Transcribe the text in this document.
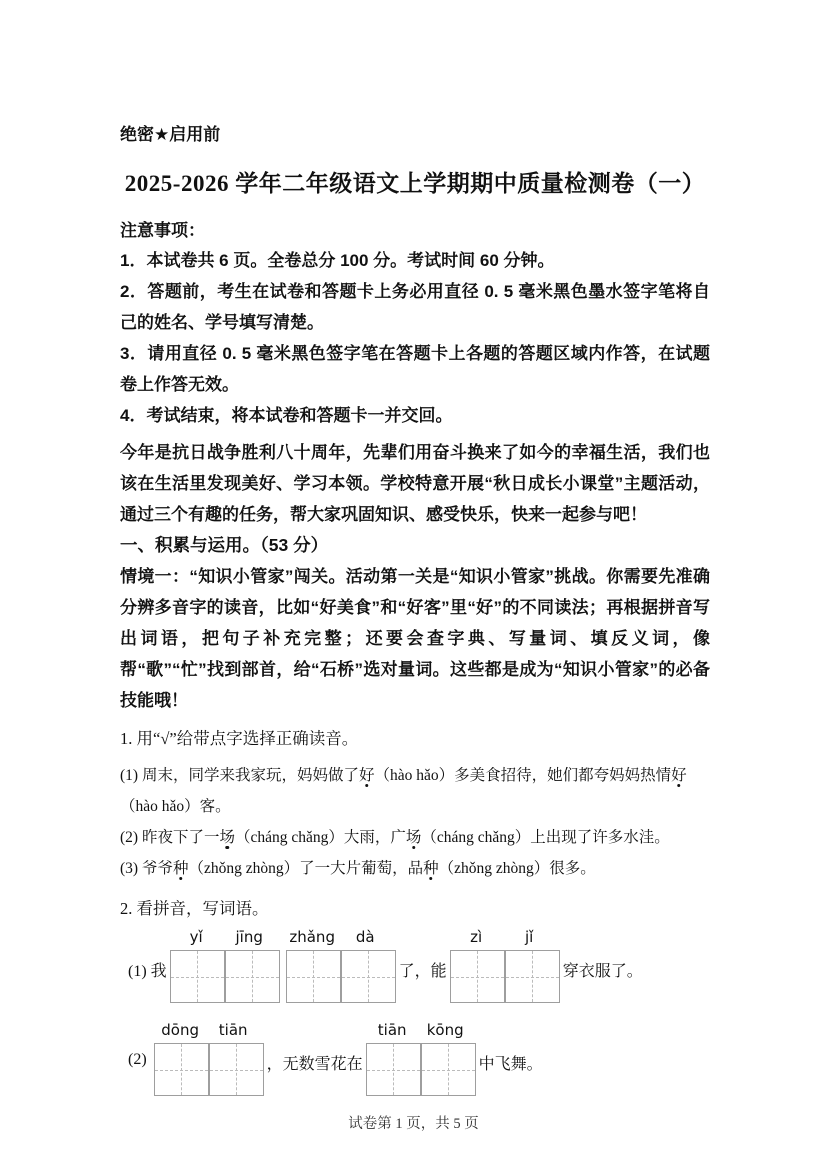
绝密★启用前
2025-2026 学年二年级语文上学期期中质量检测卷（一）
注意事项：

1．本试卷共 6 页。全卷总分 100 分。考试时间 60 分钟。

2．答题前，考生在试卷和答题卡上务必用直径 0. 5 毫米黑色墨水签字笔将自己的姓名、学号填写清楚。

3．请用直径 0. 5 毫米黑色签字笔在答题卡上各题的答题区域内作答，在试题卷上作答无效。

4．考试结束，将本试卷和答题卡一并交回。

今年是抗日战争胜利八十周年，先辈们用奋斗换来了如今的幸福生活，我们也该在生活里发现美好、学习本领。学校特意开展“秋日成长小课堂”主题活动，通过三个有趣的任务，帮大家巩固知识、感受快乐，快来一起参与吧！

一、积累与运用。（53 分）

情境一：“知识小管家”闯关。活动第一关是“知识小管家”挑战。你需要先准确分辨多音字的读音，比如“好美食”和“好客”里“好”的不同读法；再根据拼音写出词语，把句子补充完整；还要会查字典、写量词、填反义词，像帮“歌”“忙”找到部首，给“石桥”选对量词。这些都是成为“知识小管家”的必备技能哦！

1. 用“√”给带点字选择正确读音。

(1) 周末，同学来我家玩，妈妈做了好（hào hǎo）多美食招待，她们都夸妈妈热情好

（hào hǎo）客。

(2) 昨夜下了一场（cháng chǎng）大雨，广场（cháng chǎng）上出现了许多水洼。

(3) 爷爷种（zhǒng zhòng）了一大片葡萄，品种（zhǒng zhòng）很多。

2. 看拼音，写词语。

(1) 我
yǐ	jīng	zhǎng	dà
了，能
zì	jǐ
穿衣服了。
(2)
dōng	tiān
，无数雪花在
tiān	kōng
中飞舞。
试卷第 1 页，共 5 页
